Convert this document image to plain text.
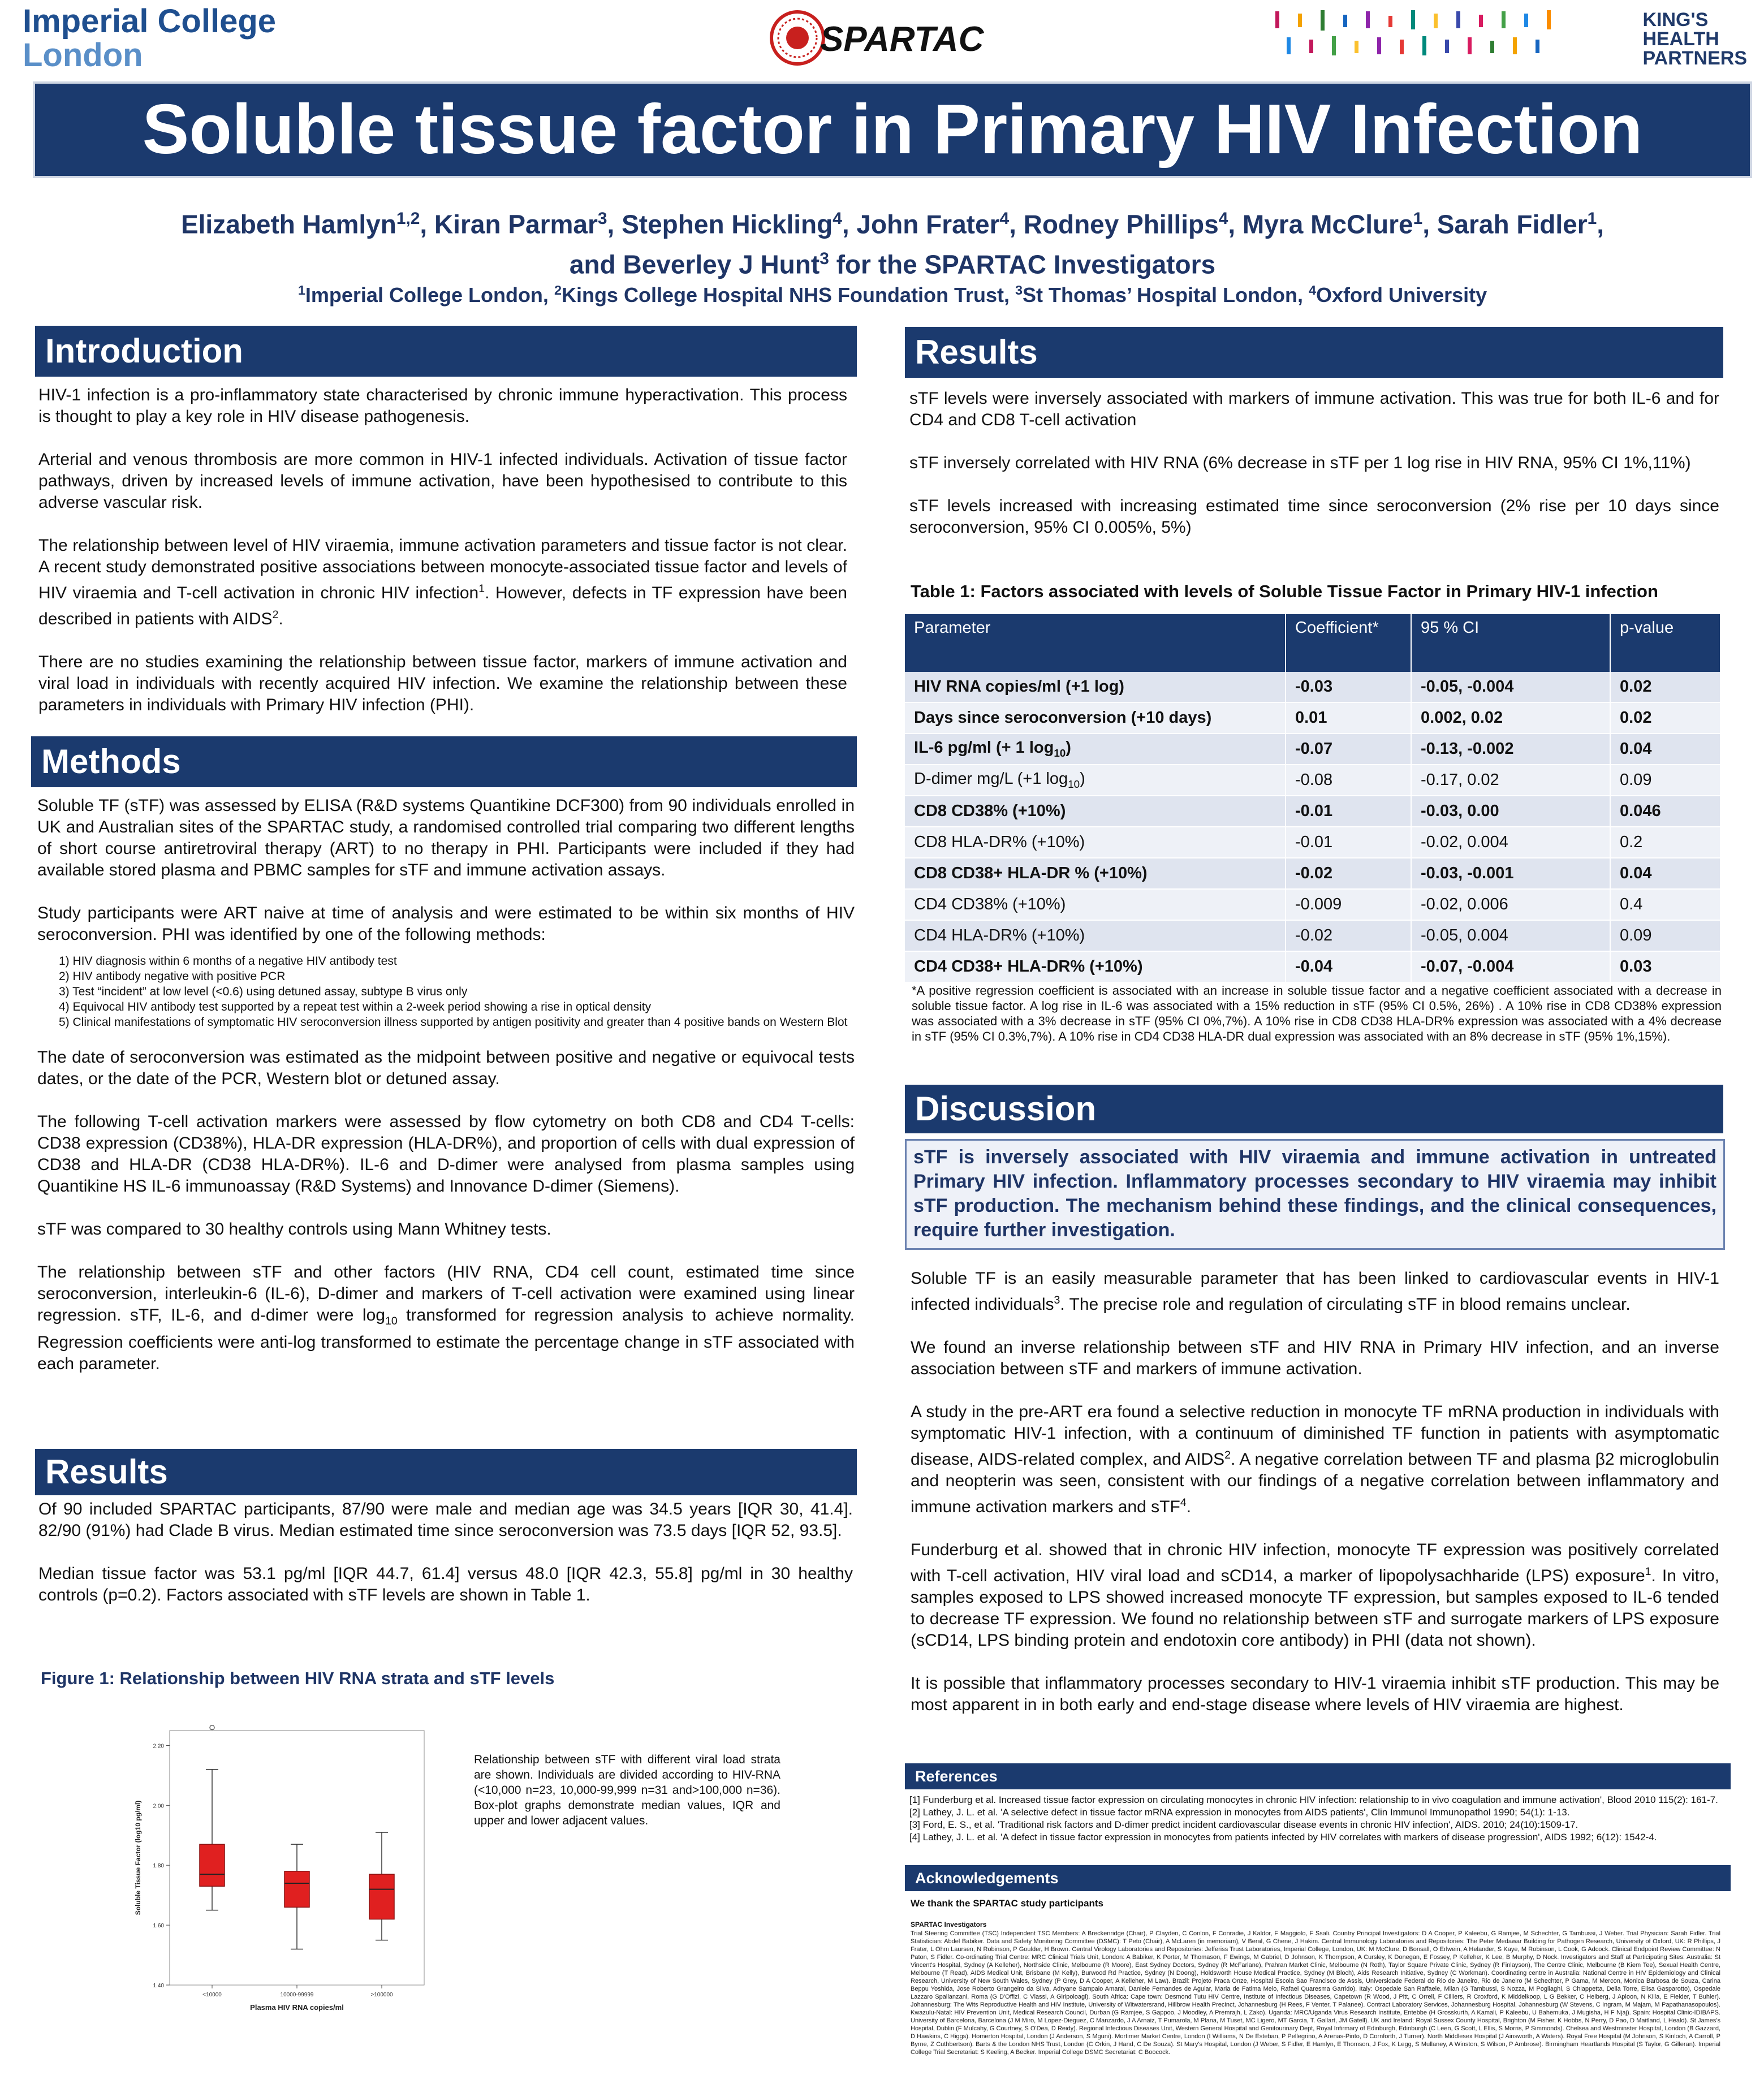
Imperial College
London	SPARTAC	KING'S
HEALTH
PARTNERS
Soluble tissue factor in Primary HIV Infection
Elizabeth Hamlyn$^{1,2}$, Kiran Parmar$^3$, Stephen Hickling$^4$, John Frater$^4$, Rodney Phillips$^4$, Myra McClure$^1$, Sarah Fidler$^1$,
and Beverley J Hunt$^3$ for the SPARTAC Investigators
$^1$Imperial College London, $^2$Kings College Hospital NHS Foundation Trust, $^3$St Thomas’ Hospital London, $^4$Oxford University
Introduction

HIV-1 infection is a pro-inflammatory state characterised by chronic immune hyperactivation. This process is thought to play a key role in HIV disease pathogenesis.

Arterial and venous thrombosis are more common in HIV-1 infected individuals. Activation of tissue factor pathways, driven by increased levels of immune activation, have been hypothesised to contribute to this adverse vascular risk.

The relationship between level of HIV viraemia, immune activation parameters and tissue factor is not clear. A recent study demonstrated positive associations between monocyte-associated tissue factor and levels of HIV viraemia and T-cell activation in chronic HIV infection$^1$. However, defects in TF expression have been described in patients with AIDS$^2$.

There are no studies examining the relationship between tissue factor, markers of immune activation and viral load in individuals with recently acquired HIV infection. We examine the relationship between these parameters in individuals with Primary HIV infection (PHI).

Methods

Soluble TF (sTF) was assessed by ELISA (R&D systems Quantikine DCF300) from 90 individuals enrolled in UK and Australian sites of the SPARTAC study, a randomised controlled trial comparing two different lengths of short course antiretroviral therapy (ART) to no therapy in PHI. Participants were included if they had available stored plasma and PBMC samples for sTF and immune activation assays.

Study participants were ART naive at time of analysis and were estimated to be within six months of HIV seroconversion. PHI was identified by one of the following methods:

1) HIV diagnosis within 6 months of a negative HIV antibody test
2) HIV antibody negative with positive PCR
3) Test “incident” at low level (<0.6) using detuned assay, subtype B virus only
4) Equivocal HIV antibody test supported by a repeat test within a 2-week period showing a rise in optical density
5) Clinical manifestations of symptomatic HIV seroconversion illness supported by antigen positivity and greater than 4 positive bands on Western Blot

The date of seroconversion was estimated as the midpoint between positive and negative or equivocal tests dates, or the date of the PCR, Western blot or detuned assay.

The following T-cell activation markers were assessed by flow cytometry on both CD8 and CD4 T-cells: CD38 expression (CD38%), HLA-DR expression (HLA-DR%), and proportion of cells with dual expression of CD38 and HLA-DR (CD38 HLA-DR%). IL-6 and D-dimer were analysed from plasma samples using Quantikine HS IL-6 immunoassay (R&D Systems) and Innovance D-dimer (Siemens).

sTF was compared to 30 healthy controls using Mann Whitney tests.

The relationship between sTF and other factors (HIV RNA, CD4 cell count, estimated time since seroconversion, interleukin-6 (IL-6), D-dimer and markers of T-cell activation were examined using linear regression. sTF, IL-6, and d-dimer were $\log_{10}$ transformed for regression analysis to achieve normality. Regression coefficients were anti-log transformed to estimate the percentage change in sTF associated with each parameter.

Results

Of 90 included SPARTAC participants, 87/90 were male and median age was 34.5 years [IQR 30, 41.4]. 82/90 (91%) had Clade B virus. Median estimated time since seroconversion was 73.5 days [IQR 52, 93.5].

Median tissue factor was 53.1 pg/ml [IQR 44.7, 61.4] versus 48.0 [IQR 42.3, 55.8] pg/ml in 30 healthy controls (p=0.2). Factors associated with sTF levels are shown in Table 1.

Figure 1: Relationship between HIV RNA strata and sTF levels
1.40
1.60
1.80
2.00
2.20
<10000	10000-99999	>100000
Plasma HIV RNA copies/ml
Soluble Tissue Factor (log10 pg/ml)
Relationship between sTF with different viral load strata are shown. Individuals are divided according to HIV-RNA (<10,000 n=23, 10,000-99,999 n=31 and>100,000 n=36). Box-plot graphs demonstrate median values, IQR and upper and lower adjacent values.
Results

sTF levels were inversely associated with markers of immune activation. This was true for both IL-6 and for CD4 and CD8 T-cell activation

sTF inversely correlated with HIV RNA (6% decrease in sTF per 1 log rise in HIV RNA, 95% CI 1%,11%)

sTF levels increased with increasing estimated time since seroconversion (2% rise per 10 days since seroconversion, 95% CI 0.005%, 5%)

Table 1: Factors associated with levels of Soluble Tissue Factor in Primary HIV-1 infection
Parameter	Coefficient*	95 % CI	p-value
HIV RNA copies/ml (+1 log)	-0.03	-0.05, -0.004	0.02
Days since seroconversion (+10 days)	0.01	0.002, 0.02	0.02
IL-6 pg/ml (+ 1 $\log_{10}$)	-0.07	-0.13, -0.002	0.04
D-dimer mg/L (+1 $\log_{10}$)	-0.08	-0.17, 0.02	0.09
CD8 CD38% (+10%)	-0.01	-0.03, 0.00	0.046
CD8 HLA-DR% (+10%)	-0.01	-0.02, 0.004	0.2
CD8 CD38+ HLA-DR % (+10%)	-0.02	-0.03, -0.001	0.04
CD4 CD38% (+10%)	-0.009	-0.02, 0.006	0.4
CD4 HLA-DR% (+10%)	-0.02	-0.05, 0.004	0.09
CD4 CD38+ HLA-DR% (+10%)	-0.04	-0.07, -0.004	0.03
*A positive regression coefficient is associated with an increase in soluble tissue factor and a negative coefficient associated with a decrease in soluble tissue factor. A log rise in IL-6 was associated with a 15% reduction in sTF (95% CI 0.5%, 26%) . A 10% rise in CD8 CD38% expression was associated with a 3% decrease in sTF (95% CI 0%,7%). A 10% rise in CD8 CD38 HLA-DR% expression was associated with a 4% decrease in sTF (95% CI 0.3%,7%). A 10% rise in CD4 CD38 HLA-DR dual expression was associated with an 8% decrease in sTF (95% 1%,15%).
Discussion
sTF is inversely associated with HIV viraemia and immune activation in untreated Primary HIV infection. Inflammatory processes secondary to HIV viraemia may inhibit sTF production. The mechanism behind these findings, and the clinical consequences, require further investigation.

Soluble TF is an easily measurable parameter that has been linked to cardiovascular events in HIV-1 infected individuals$^3$. The precise role and regulation of circulating sTF in blood remains unclear.

We found an inverse relationship between sTF and HIV RNA in Primary HIV infection, and an inverse association between sTF and markers of immune activation.

A study in the pre-ART era found a selective reduction in monocyte TF mRNA production in individuals with symptomatic HIV-1 infection, with a continuum of diminished TF function in patients with asymptomatic disease, AIDS-related complex, and AIDS$^2$. A negative correlation between TF and plasma β2 microglobulin and neopterin was seen, consistent with our findings of a negative correlation between inflammatory and immune activation markers and sTF$^4$.

Funderburg et al. showed that in chronic HIV infection, monocyte TF expression was positively correlated with T-cell activation, HIV viral load and sCD14, a marker of lipopolysachharide (LPS) exposure$^1$. In vitro, samples exposed to LPS showed increased monocyte TF expression, but samples exposed to IL-6 tended to decrease TF expression. We found no relationship between sTF and surrogate markers of LPS exposure (sCD14, LPS binding protein and endotoxin core antibody) in PHI (data not shown).

It is possible that inflammatory processes secondary to HIV-1 viraemia inhibit sTF production. This may be most apparent in in both early and end-stage disease where levels of HIV viraemia are highest.

References
[1] Funderburg et al. Increased tissue factor expression on circulating monocytes in chronic HIV infection: relationship to in vivo coagulation and immune activation', Blood 2010 115(2): 161-7.
[2] Lathey, J. L. et al. 'A selective defect in tissue factor mRNA expression in monocytes from AIDS patients', Clin Immunol Immunopathol 1990; 54(1): 1-13.
[3] Ford, E. S., et al. 'Traditional risk factors and D-dimer predict incident cardiovascular disease events in chronic HIV infection', AIDS. 2010; 24(10):1509-17.
[4] Lathey, J. L. et al. 'A defect in tissue factor expression in monocytes from patients infected by HIV correlates with markers of disease progression', AIDS 1992; 6(12): 1542-4.
Acknowledgements
We thank the SPARTAC study participants
SPARTAC Investigators
Trial Steering Committee (TSC) Independent TSC Members: A Breckenridge (Chair), P Clayden, C Conlon, F Conradie, J Kaldor, F Maggiolo, F Ssali. Country Principal Investigators: D A Cooper, P Kaleebu, G Ramjee, M Schechter, G Tambussi, J Weber. Trial Physician: Sarah Fidler. Trial Statistician: Abdel Babiker. Data and Safety Monitoring Committee (DSMC): T Peto (Chair), A McLaren (in memoriam), V Beral, G Chene, J Hakim. Central Immunology Laboratories and Repositories: The Peter Medawar Building for Pathogen Research, University of Oxford, UK: R Phillips, J Frater, L Ohm Laursen, N Robinson, P Goulder, H Brown. Central Virology Laboratories and Repositories: Jefferiss Trust Laboratories, Imperial College, London, UK: M McClure, D Bonsall, O Erlwein, A Helander, S Kaye, M Robinson, L Cook, G Adcock. Clinical Endpoint Review Committee: N Paton, S Fidler. Co-ordinating Trial Centre: MRC Clinical Trials Unit, London: A Babiker, K Porter, M Thomason, F Ewings, M Gabriel, D Johnson, K Thompson, A Cursley, K Donegan, E Fossey, P Kelleher, K Lee, B Murphy, D Nock. Investigators and Staff at Participating Sites: Australia: St Vincent's Hospital, Sydney (A Kelleher), Northside Clinic, Melbourne (R Moore), East Sydney Doctors, Sydney (R McFarlane), Prahran Market Clinic, Melbourne (N Roth), Taylor Square Private Clinic, Sydney (R Finlayson), The Centre Clinic, Melbourne (B Kiem Tee), Sexual Health Centre, Melbourne (T Read), AIDS Medical Unit, Brisbane (M Kelly), Burwood Rd Practice, Sydney (N Doong), Holdsworth House Medical Practice, Sydney (M Bloch), Aids Research Initiative, Sydney (C Workman). Coordinating centre in Australia: National Centre in HIV Epidemiology and Clinical Research, University of New South Wales, Sydney (P Grey, D A Cooper, A Kelleher, M Law). Brazil: Projeto Praca Onze, Hospital Escola Sao Francisco de Assis, Universidade Federal do Rio de Janeiro, Rio de Janeiro (M Schechter, P Gama, M Mercon, Monica Barbosa de Souza, Carina Beppu Yoshida, Jose Roberto Grangeiro da Silva, Adryane Sampaio Amaral, Daniele Fernandes de Aguiar, Maria de Fatima Melo, Rafael Quaresma Garrido). Italy: Ospedale San Raffaele, Milan (G Tambussi, S Nozza, M Pogliaghi, S Chiappetta, Della Torre, Elisa Gasparotto), Ospedale Lazzaro Spallanzani, Roma (G D'Offizi, C Vlassi, A Giripoloagi). South Africa: Cape town: Desmond Tutu HIV Centre, Institute of Infectious Diseases, Capetown (R Wood, J Pitt, C Orrell, F Cilliers, R Croxford, K Middelkoop, L G Bekker, C Heiberg, J Aploon, N Killa, E Fielder, T Buhler). Johannesburg: The Wits Reproductive Health and HIV Institute, University of Witwatersrand, Hillbrow Health Precinct, Johannesburg (H Rees, F Venter, T Palanee). Contract Laboratory Services, Johannesburg Hospital, Johannesburg (W Stevens, C Ingram, M Majam, M Papathanasopoulos). Kwazulu-Natal: HIV Prevention Unit, Medical Research Council, Durban (G Ramjee, S Gappoo, J Moodley, A Premrajh, L Zako). Uganda: MRC/Uganda Virus Research Institute, Entebbe (H Grosskurth, A Kamali, P Kaleebu, U Bahemuka, J Mugisha, H F Njaj). Spain: Hospital Clinic-IDIBAPS. University of Barcelona, Barcelona (J M Miro, M Lopez-Dieguez, C Manzardo, J A Arnaiz, T Pumarola, M Plana, M Tuset, MC Ligero, MT Garcia, T. Gallart, JM Gatell). UK and Ireland: Royal Sussex County Hospital, Brighton (M Fisher, K Hobbs, N Perry, D Pao, D Maitland, L Heald). St James's Hospital, Dublin (F Mulcahy, G Courtney, S O'Dea, D Reidy). Regional Infectious Diseases Unit, Western General Hospital and Genitourinary Dept, Royal Infirmary of Edinburgh, Edinburgh (C Leen, G Scott, L Ellis, S Morris, P Simmonds). Chelsea and Westminster Hospital, London (B Gazzard, D Hawkins, C Higgs). Homerton Hospital, London (J Anderson, S Mguni). Mortimer Market Centre, London (I Williams, N De Esteban, P Pellegrino, A Arenas-Pinto, D Cornforth, J Turner). North Middlesex Hospital (J Ainsworth, A Waters). Royal Free Hospital (M Johnson, S Kinloch, A Carroll, P Byrne, Z Cuthbertson). Barts & the London NHS Trust, London (C Orkin, J Hand, C De Souza). St Mary's Hospital, London (J Weber, S Fidler, E Hamlyn, E Thomson, J Fox, K Legg, S Mullaney, A Winston, S Wilson, P Ambrose). Birmingham Heartlands Hospital (S Taylor, G Gilleran). Imperial College Trial Secretariat: S Keeling, A Becker. Imperial College DSMC Secretariat: C Boocock.
